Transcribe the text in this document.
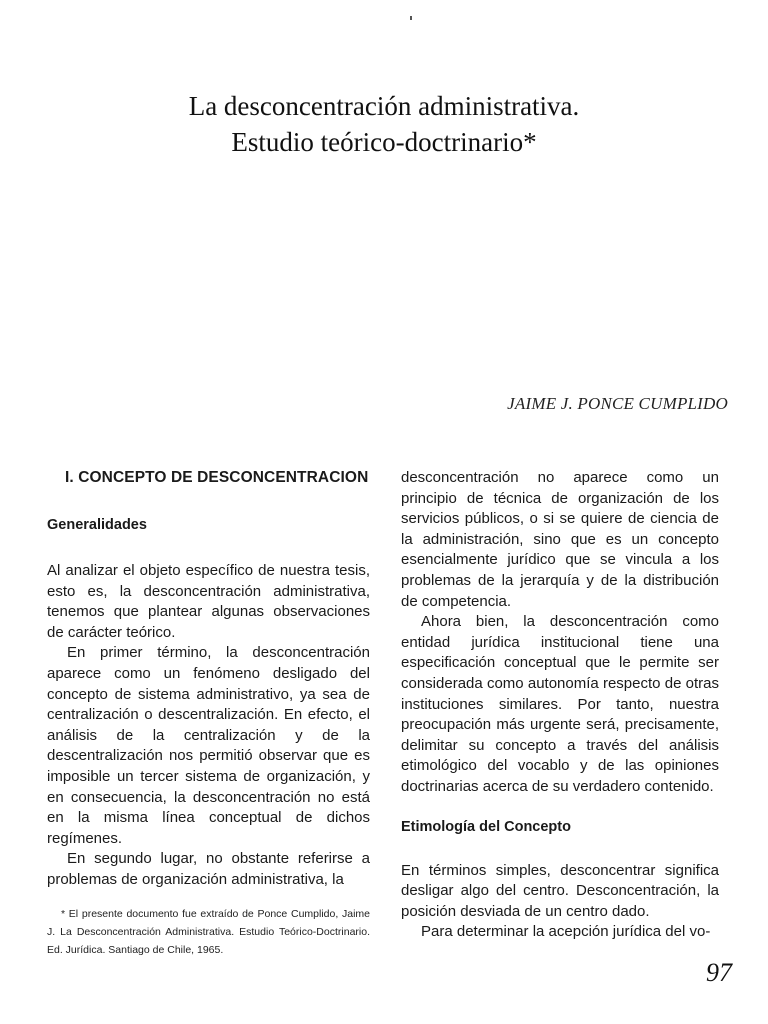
La desconcentración administrativa.
Estudio teórico-doctrinario*
JAIME J. PONCE CUMPLIDO
I. CONCEPTO DE DESCONCENTRACION
Generalidades

Al analizar el objeto específico de nuestra tesis, esto es, la desconcentración administrativa, tenemos que plantear algunas observaciones de carácter teórico.

En primer término, la desconcentración aparece como un fenómeno desligado del concepto de sistema administrativo, ya sea de centralización o descentralización. En efecto, el análisis de la centralización y de la descentralización nos permitió observar que es imposible un tercer sistema de organización, y en consecuencia, la desconcentración no está en la misma línea conceptual de dichos regímenes.

En segundo lugar, no obstante referirse a problemas de organización administrativa, la

desconcentración no aparece como un principio de técnica de organización de los servicios públicos, o si se quiere de ciencia de la administración, sino que es un concepto esencialmente jurídico que se vincula a los problemas de la jerarquía y de la distribución de competencia.

Ahora bien, la desconcentración como entidad jurídica institucional tiene una especificación conceptual que le permite ser considerada como autonomía respecto de otras instituciones similares. Por tanto, nuestra preocupación más urgente será, precisamente, delimitar su concepto a través del análisis etimológico del vocablo y de las opiniones doctrinarias acerca de su verdadero contenido.

Etimología del Concepto

En términos simples, desconcentrar significa desligar algo del centro. Desconcentración, la posición desviada de un centro dado.

Para determinar la acepción jurídica del vo-

* El presente documento fue extraído de Ponce Cumplido, Jaime J. La Desconcentración Administrativa. Estudio Teórico-Doctrinario. Ed. Jurídica. Santiago de Chile, 1965.

97
